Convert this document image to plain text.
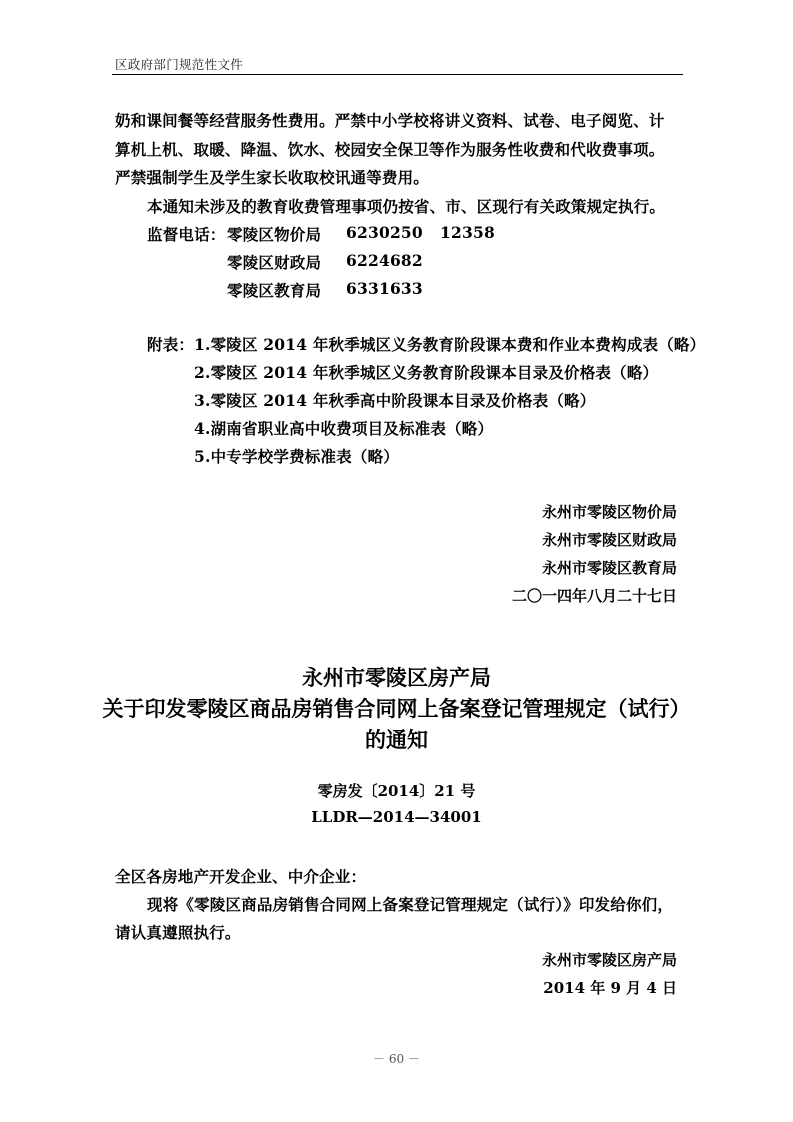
区政府部门规范性文件
奶和课间餐等经营服务性费用。严禁中小学校将讲义资料、试卷、电子阅览、计
算机上机、取暖、降温、饮水、校园安全保卫等作为服务性收费和代收费事项。
严禁强制学生及学生家长收取校讯通等费用。
本通知未涉及的教育收费管理事项仍按省、市、区现行有关政策规定执行。
监督电话： 零陵区物价局 6230250 12358
零陵区财政局 6224682
零陵区教育局 6331633
附表： 1.零陵区 2014 年秋季城区义务教育阶段课本费和作业本费构成表（略）
2.零陵区 2014 年秋季城区义务教育阶段课本目录及价格表（略）
3.零陵区 2014 年秋季高中阶段课本目录及价格表（略）
4.湖南省职业高中收费项目及标准表（略）
5.中专学校学费标准表（略）
永州市零陵区物价局
永州市零陵区财政局
永州市零陵区教育局
二〇一四年八月二十七日
永州市零陵区房产局
关于印发零陵区商品房销售合同网上备案登记管理规定（试行）
的通知
零房发〔2014〕21 号
LLDR—2014—34001
全区各房地产开发企业、中介企业：
现将《零陵区商品房销售合同网上备案登记管理规定（试行）》印发给你们，
请认真遵照执行。
永州市零陵区房产局
2014 年 9 月 4 日
－ 60 －
